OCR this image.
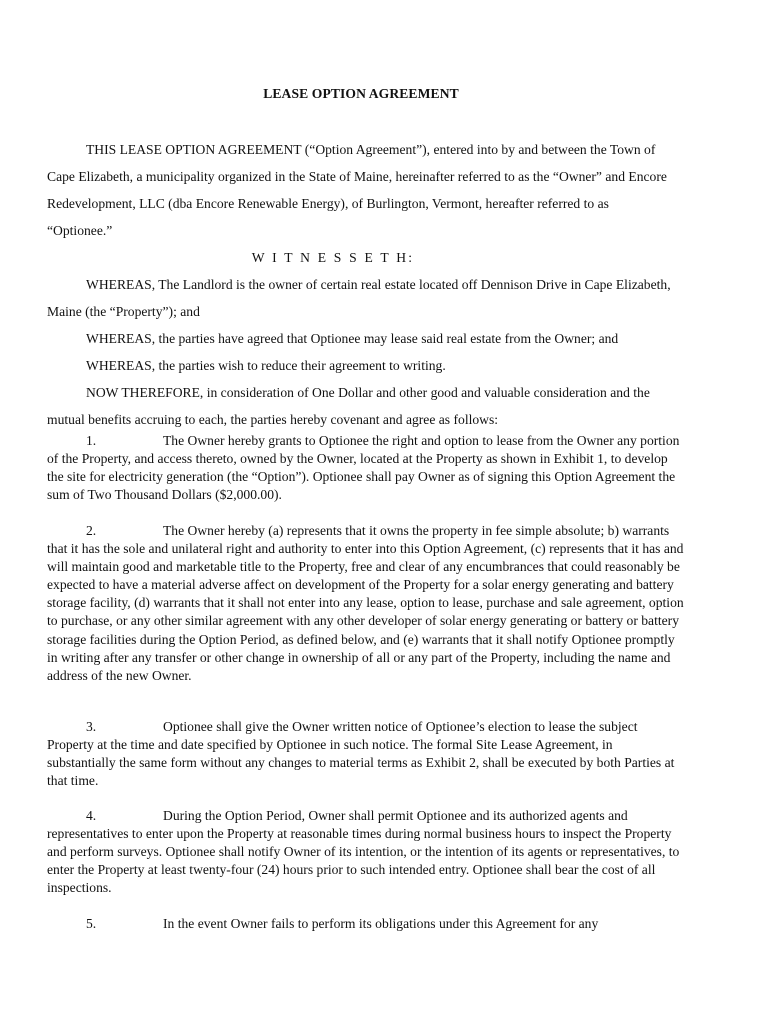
LEASE OPTION AGREEMENT

THIS LEASE OPTION AGREEMENT (“Option Agreement”), entered into by and between the Town of Cape Elizabeth, a municipality organized in the State of Maine, hereinafter referred to as the “Owner” and Encore Redevelopment, LLC (dba Encore Renewable Energy), of Burlington, Vermont, hereafter referred to as “Optionee.”

W I T N E S S E T H:

WHEREAS, The Landlord is the owner of certain real estate located off Dennison Drive in Cape Elizabeth, Maine (the “Property”); and

WHEREAS, the parties have agreed that Optionee may lease said real estate from the Owner; and

WHEREAS, the parties wish to reduce their agreement to writing.

NOW THEREFORE, in consideration of One Dollar and other good and valuable consideration and the mutual benefits accruing to each, the parties hereby covenant and agree as follows:

1.	The Owner hereby grants to Optionee the right and option to lease from the Owner any portion of the Property, and access thereto, owned by the Owner, located at the Property as shown in Exhibit 1, to develop the site for electricity generation (the “Option”). Optionee shall pay Owner as of signing this Option Agreement the sum of Two Thousand Dollars ($2,000.00).

2.	The Owner hereby (a) represents that it owns the property in fee simple absolute; b) warrants that it has the sole and unilateral right and authority to enter into this Option Agreement, (c) represents that it has and will maintain good and marketable title to the Property, free and clear of any encumbrances that could reasonably be expected to have a material adverse affect on development of the Property for a solar energy generating and battery storage facility, (d) warrants that it shall not enter into any lease, option to lease, purchase and sale agreement, option to purchase, or any other similar agreement with any other developer of solar energy generating or battery or battery storage facilities during the Option Period, as defined below, and (e) warrants that it shall notify Optionee promptly in writing after any transfer or other change in ownership of all or any part of the Property, including the name and address of the new Owner.

3.	Optionee shall give the Owner written notice of Optionee’s election to lease the subject Property at the time and date specified by Optionee in such notice. The formal Site Lease Agreement, in substantially the same form without any changes to material terms as Exhibit 2, shall be executed by both Parties at that time.

4.	During the Option Period, Owner shall permit Optionee and its authorized agents and representatives to enter upon the Property at reasonable times during normal business hours to inspect the Property and perform surveys. Optionee shall notify Owner of its intention, or the intention of its agents or representatives, to enter the Property at least twenty-four (24) hours prior to such intended entry. Optionee shall bear the cost of all inspections.

5.	In the event Owner fails to perform its obligations under this Agreement for any
